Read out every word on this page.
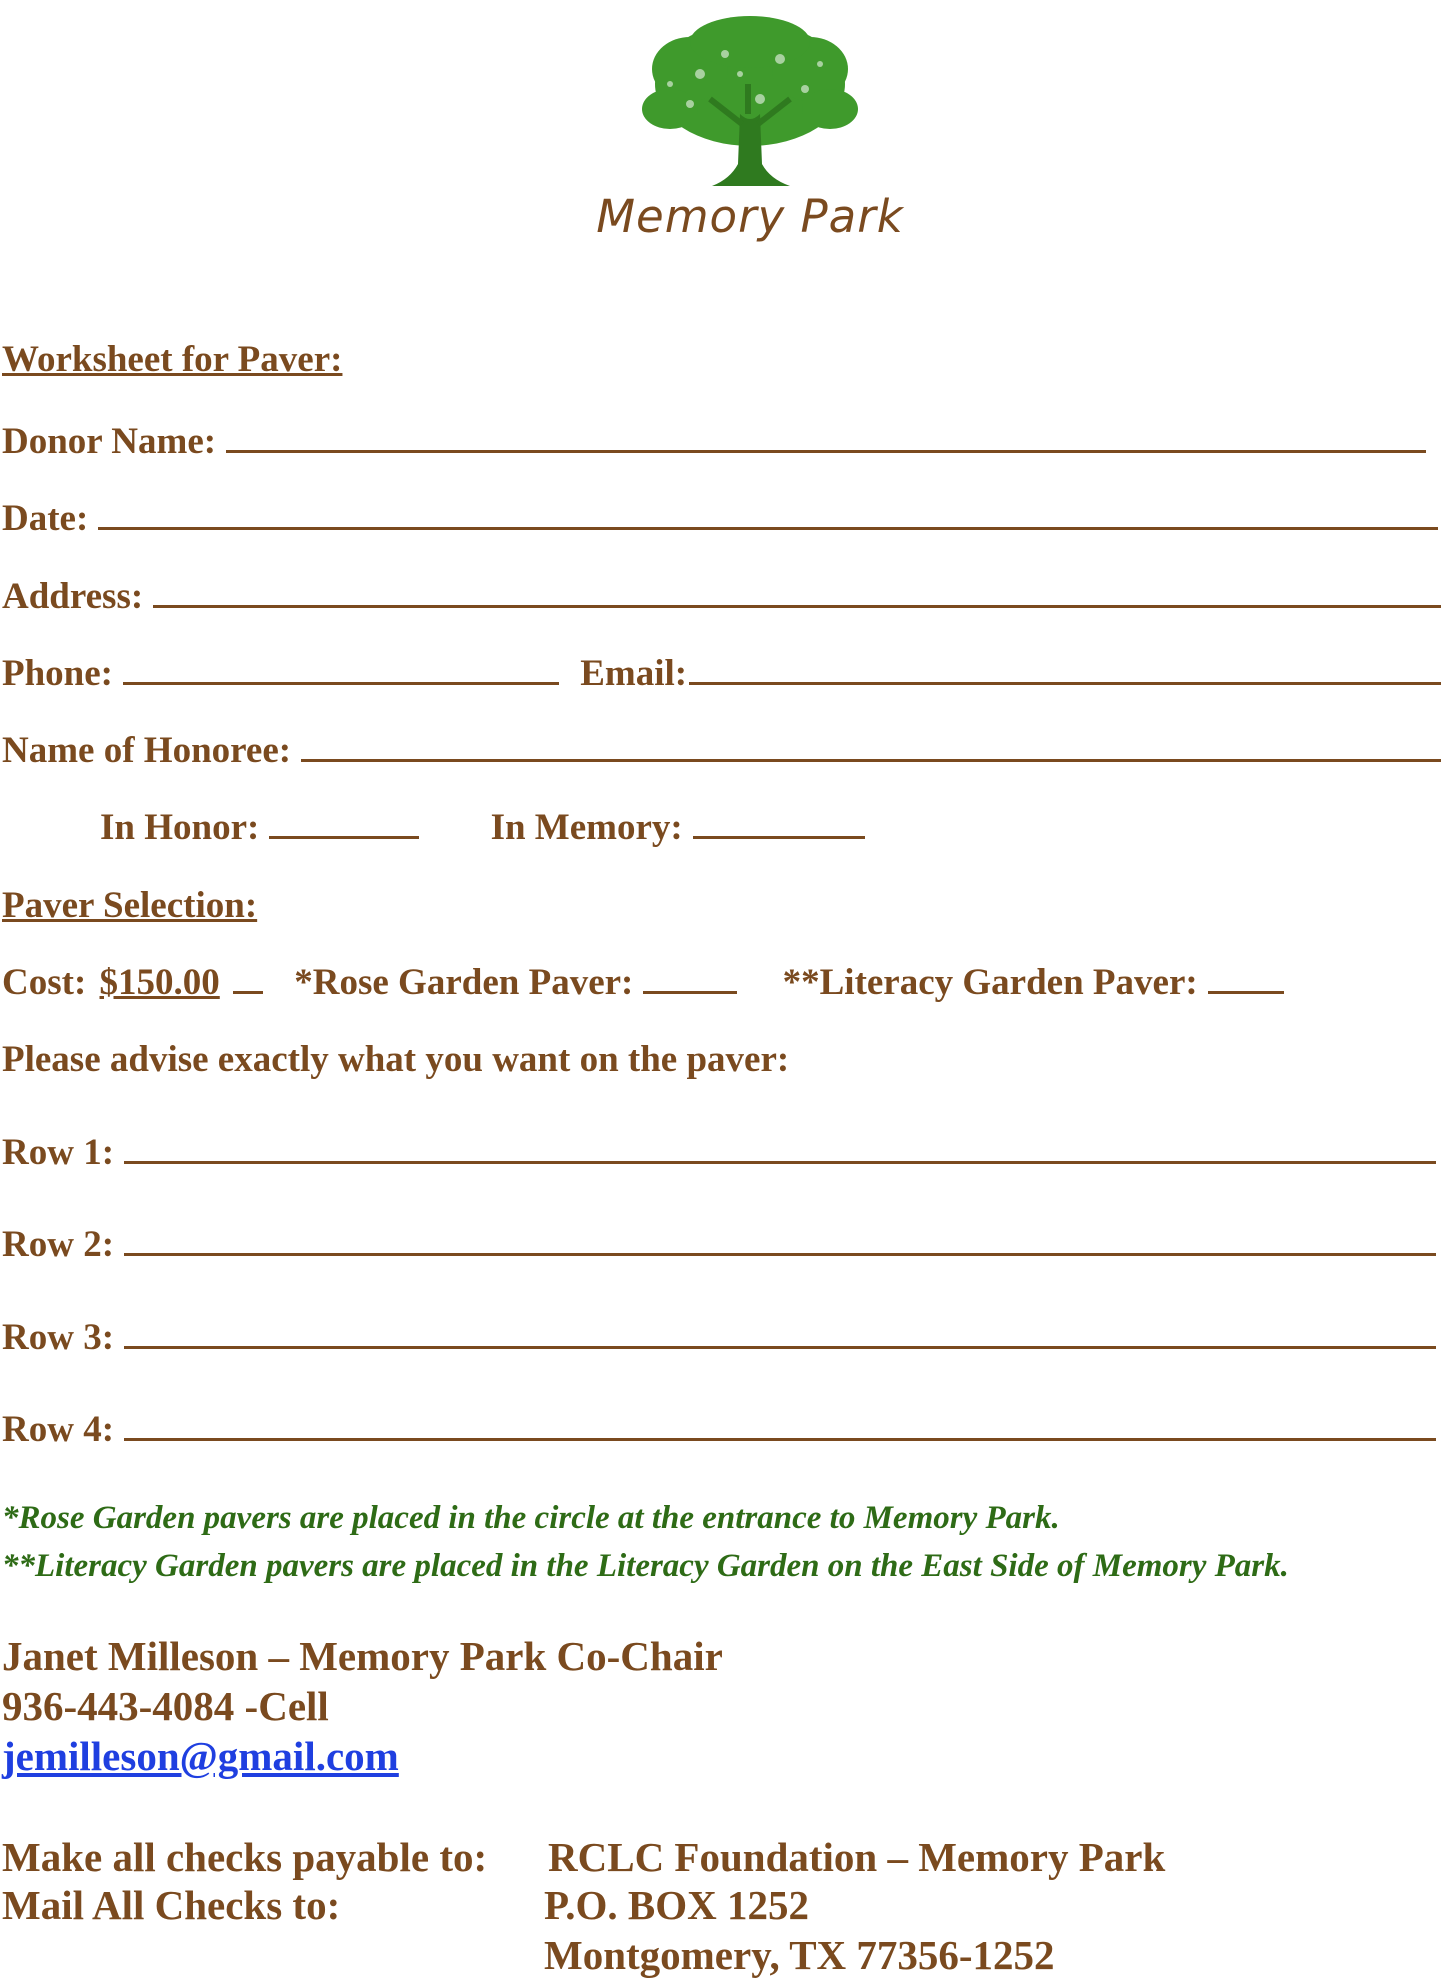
Memory Park
Worksheet for Paver:
Donor Name:
Date:
Address:
Phone:	Email:
Name of Honoree:
In Honor:	In Memory:
Paver Selection:
Cost: $150.00 *Rose Garden Paver:	**Literacy Garden Paver:
Please advise exactly what you want on the paver:
Row 1:
Row 2:
Row 3:
Row 4:
*Rose Garden pavers are placed in the circle at the entrance to Memory Park.
**Literacy Garden pavers are placed in the Literacy Garden on the East Side of Memory Park.
Janet Milleson – Memory Park Co-Chair
936-443-4084 -Cell
jemilleson@gmail.com
Make all checks payable to: RCLC Foundation – Memory Park
Mail All Checks to:	P.O. BOX 1252
Montgomery, TX 77356-1252
